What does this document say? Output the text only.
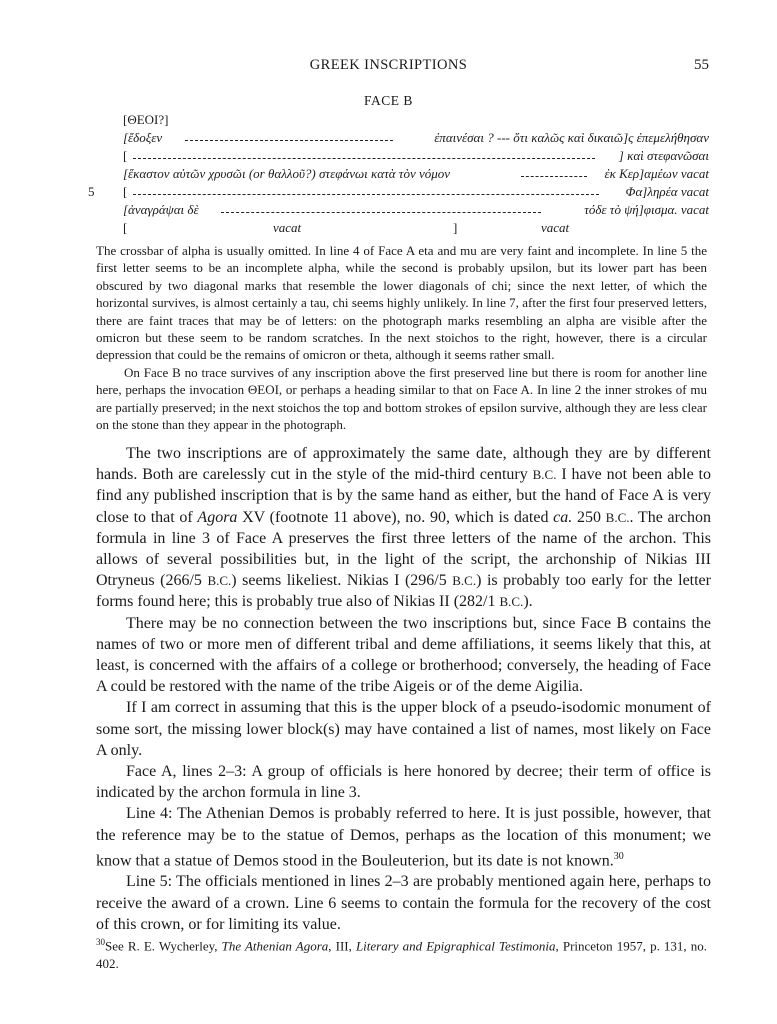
GREEK INSCRIPTIONS	55
FACE B
[ΘΕΟΙ?]
[ἔδοξεν	ἐπαινέσαι ? --- ὅτι καλῶς καὶ δικαιῶ]ς ἐπεμελήθησαν
[	] καὶ στεφανῶσαι
[ἕκαστον αὐτῶν χρυσῶι (or θαλλοῦ?) στεφάνωι κατὰ τὸν νόμον	ἐκ Κερ]αμέων vacat
5 [	Φα]ληρέα vacat
[ἀναγράψαι δὲ	τόδε τὸ ψή]φισμα. vacat
[	vacat	]	vacat

The crossbar of alpha is usually omitted. In line 4 of Face A eta and mu are very faint and incomplete. In line 5 the first letter seems to be an incomplete alpha, while the second is probably upsilon, but its lower part has been obscured by two diagonal marks that resemble the lower diagonals of chi; since the next letter, of which the horizontal survives, is almost certainly a tau, chi seems highly unlikely. In line 7, after the first four preserved letters, there are faint traces that may be of letters: on the photograph marks resembling an alpha are visible after the omicron but these seem to be random scratches. In the next stoichos to the right, however, there is a circular depression that could be the remains of omicron or theta, although it seems rather small.

On Face B no trace survives of any inscription above the first preserved line but there is room for another line here, perhaps the invocation ΘΕΟΙ, or perhaps a heading similar to that on Face A. In line 2 the inner strokes of mu are partially preserved; in the next stoichos the top and bottom strokes of epsilon survive, although they are less clear on the stone than they appear in the photograph.

The two inscriptions are of approximately the same date, although they are by different hands. Both are carelessly cut in the style of the mid-third century B.C. I have not been able to find any published inscription that is by the same hand as either, but the hand of Face A is very close to that of Agora XV (footnote 11 above), no. 90, which is dated ca. 250 B.C.. The archon formula in line 3 of Face A preserves the first three letters of the name of the archon. This allows of several possibilities but, in the light of the script, the archonship of Nikias III Otryneus (266/5 B.C.) seems likeliest. Nikias I (296/5 B.C.) is probably too early for the letter forms found here; this is probably true also of Nikias II (282/1 B.C.).

There may be no connection between the two inscriptions but, since Face B contains the names of two or more men of different tribal and deme affiliations, it seems likely that this, at least, is concerned with the affairs of a college or brotherhood; conversely, the heading of Face A could be restored with the name of the tribe Aigeis or of the deme Aigilia.

If I am correct in assuming that this is the upper block of a pseudo-isodomic monument of some sort, the missing lower block(s) may have contained a list of names, most likely on Face A only.

Face A, lines 2–3: A group of officials is here honored by decree; their term of office is indicated by the archon formula in line 3.

Line 4: The Athenian Demos is probably referred to here. It is just possible, however, that the reference may be to the statue of Demos, perhaps as the location of this monument; we know that a statue of Demos stood in the Bouleuterion, but its date is not known.$^{30}$

Line 5: The officials mentioned in lines 2–3 are probably mentioned again here, perhaps to receive the award of a crown. Line 6 seems to contain the formula for the recovery of the cost of this crown, or for limiting its value.

$^{30}$See R. E. Wycherley, The Athenian Agora, III, Literary and Epigraphical Testimonia, Princeton 1957, p. 131, no. 402.
